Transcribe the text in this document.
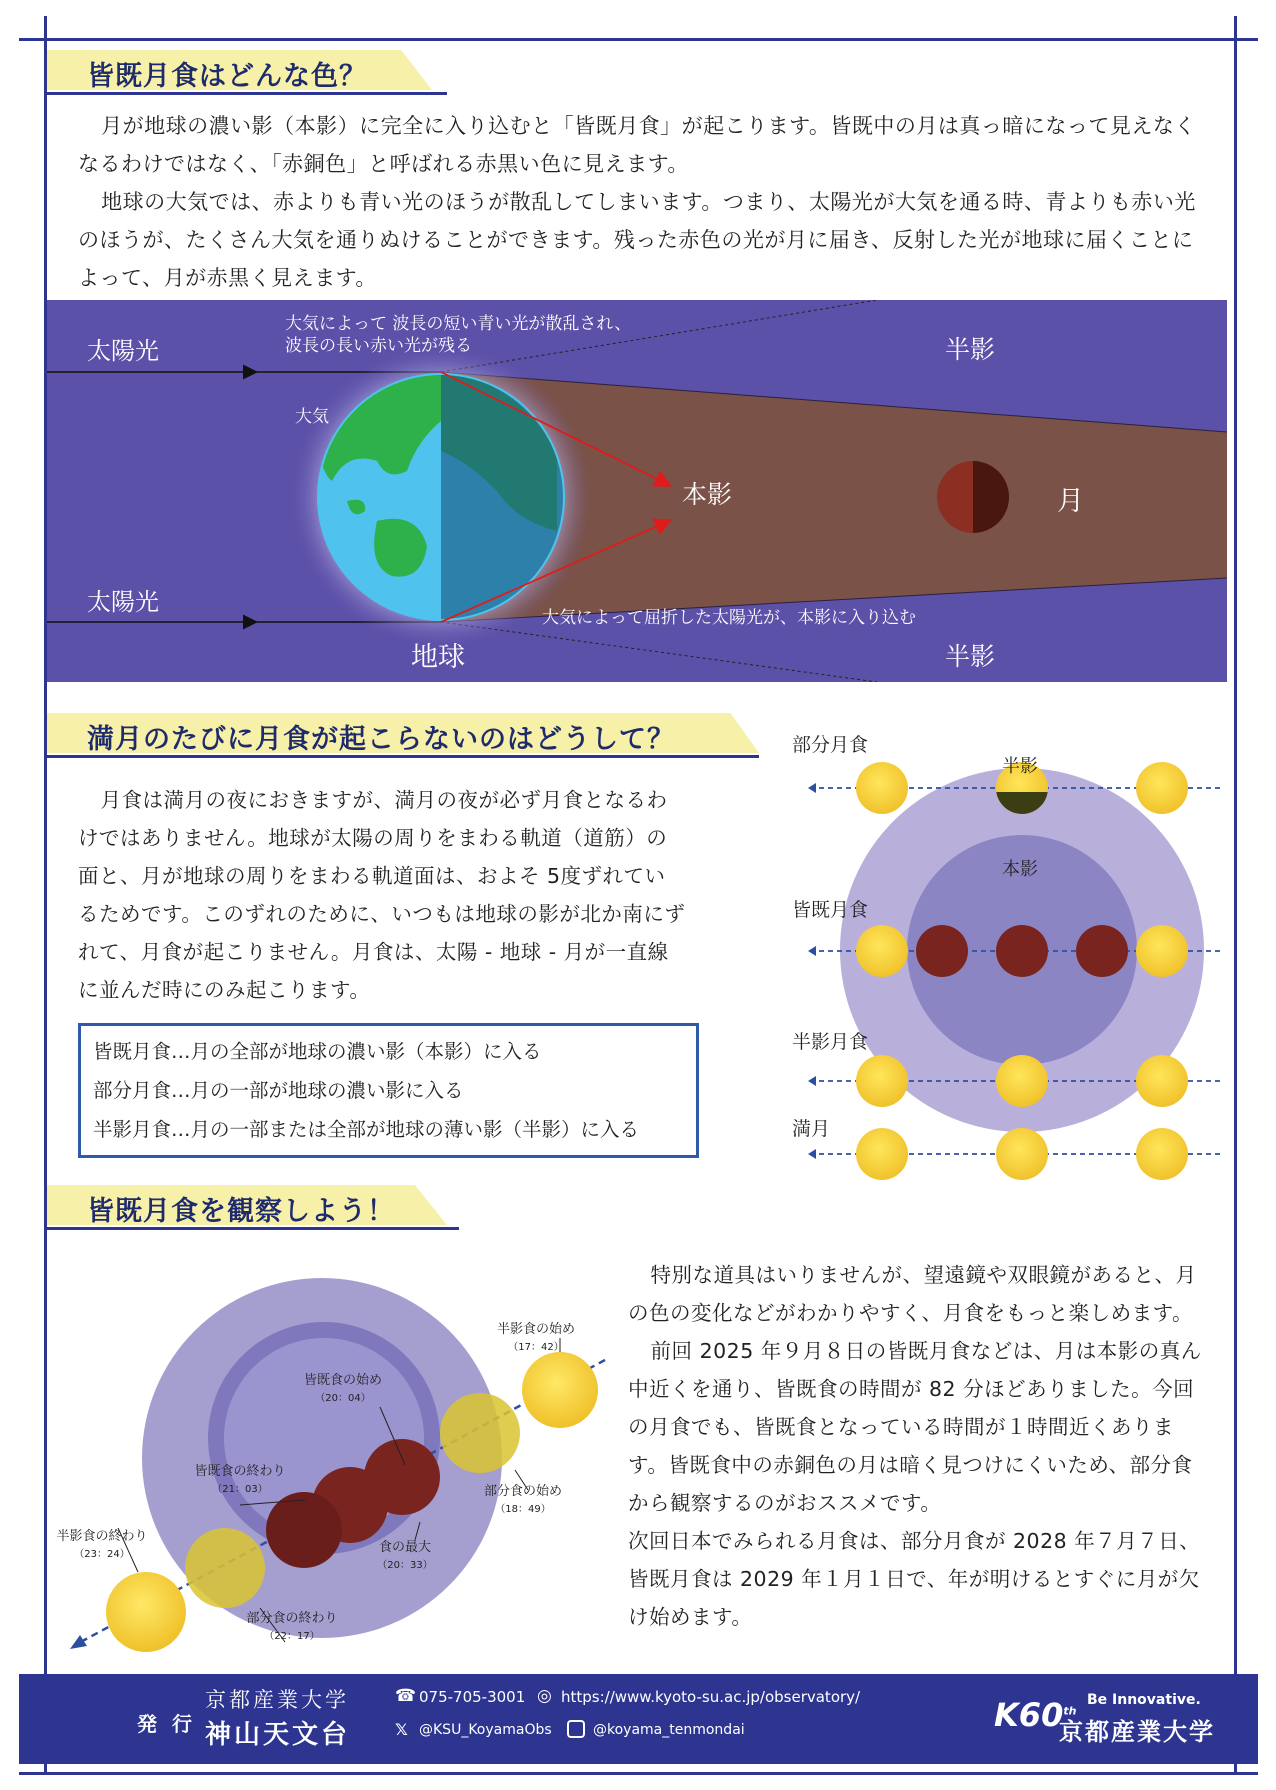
皆既月食はどんな色？

月が地球の濃い影（本影）に完全に入り込むと「皆既月食」が起こります。皆既中の月は真っ暗になって見えなくなるわけではなく、「赤銅色」と呼ばれる赤黒い色に見えます。

地球の大気では、赤よりも青い光のほうが散乱してしまいます。つまり、太陽光が大気を通る時、青よりも赤い光のほうが、たくさん大気を通りぬけることができます。残った赤色の光が月に届き、反射した光が地球に届くことによって、月が赤黒く見えます。

太陽光
太陽光
大気によって 波長の短い青い光が散乱され、
波長の長い赤い光が残る
大気
半影
半影
本影	月
地球
大気によって屈折した太陽光が、本影に入り込む
満月のたびに月食が起こらないのはどうして？

月食は満月の夜におきますが、満月の夜が必ず月食となるわけではありません。地球が太陽の周りをまわる軌道（道筋）の面と、月が地球の周りをまわる軌道面は、およそ 5度ずれているためです。このずれのために、いつもは地球の影が北か南にずれて、月食が起こりません。月食は、太陽 - 地球 - 月が一直線に並んだ時にのみ起こります。

皆既月食…月の全部が地球の濃い影（本影）に入る
部分月食…月の一部が地球の濃い影に入る
半影月食…月の一部または全部が地球の薄い影（半影）に入る
部分月食
半影
本影
皆既月食
半影月食
満月
皆既月食を観察しよう！

特別な道具はいりませんが、望遠鏡や双眼鏡があると、月の色の変化などがわかりやすく、月食をもっと楽しめます。

前回 2025 年９月８日の皆既月食などは、月は本影の真ん中近くを通り、皆既食の時間が 82 分ほどありました。今回の月食でも、皆既食となっている時間が１時間近くあります。皆既食中の赤銅色の月は暗く見つけにくいため、部分食から観察するのがおススメです。

次回日本でみられる月食は、部分月食が 2028 年７月７日、皆既月食は 2029 年１月１日で、年が明けるとすぐに月が欠け始めます。

半影食の始め
（17：42）
部分食の始め
（18：49）
皆既食の始め
（20：04）
食の最大
（20：33）
皆既食の終わり
（21：03）
部分食の終わり
（22：17）
半影食の終わり
（23：24）
発 行
京都産業大学
神山天文台
☎ 075-705-3001 ◎ https://www.kyoto-su.ac.jp/observatory/
𝕏 @KSU_KoyamaObs	@koyama_tenmondai	K60th
Be Innovative.
京都産業大学
